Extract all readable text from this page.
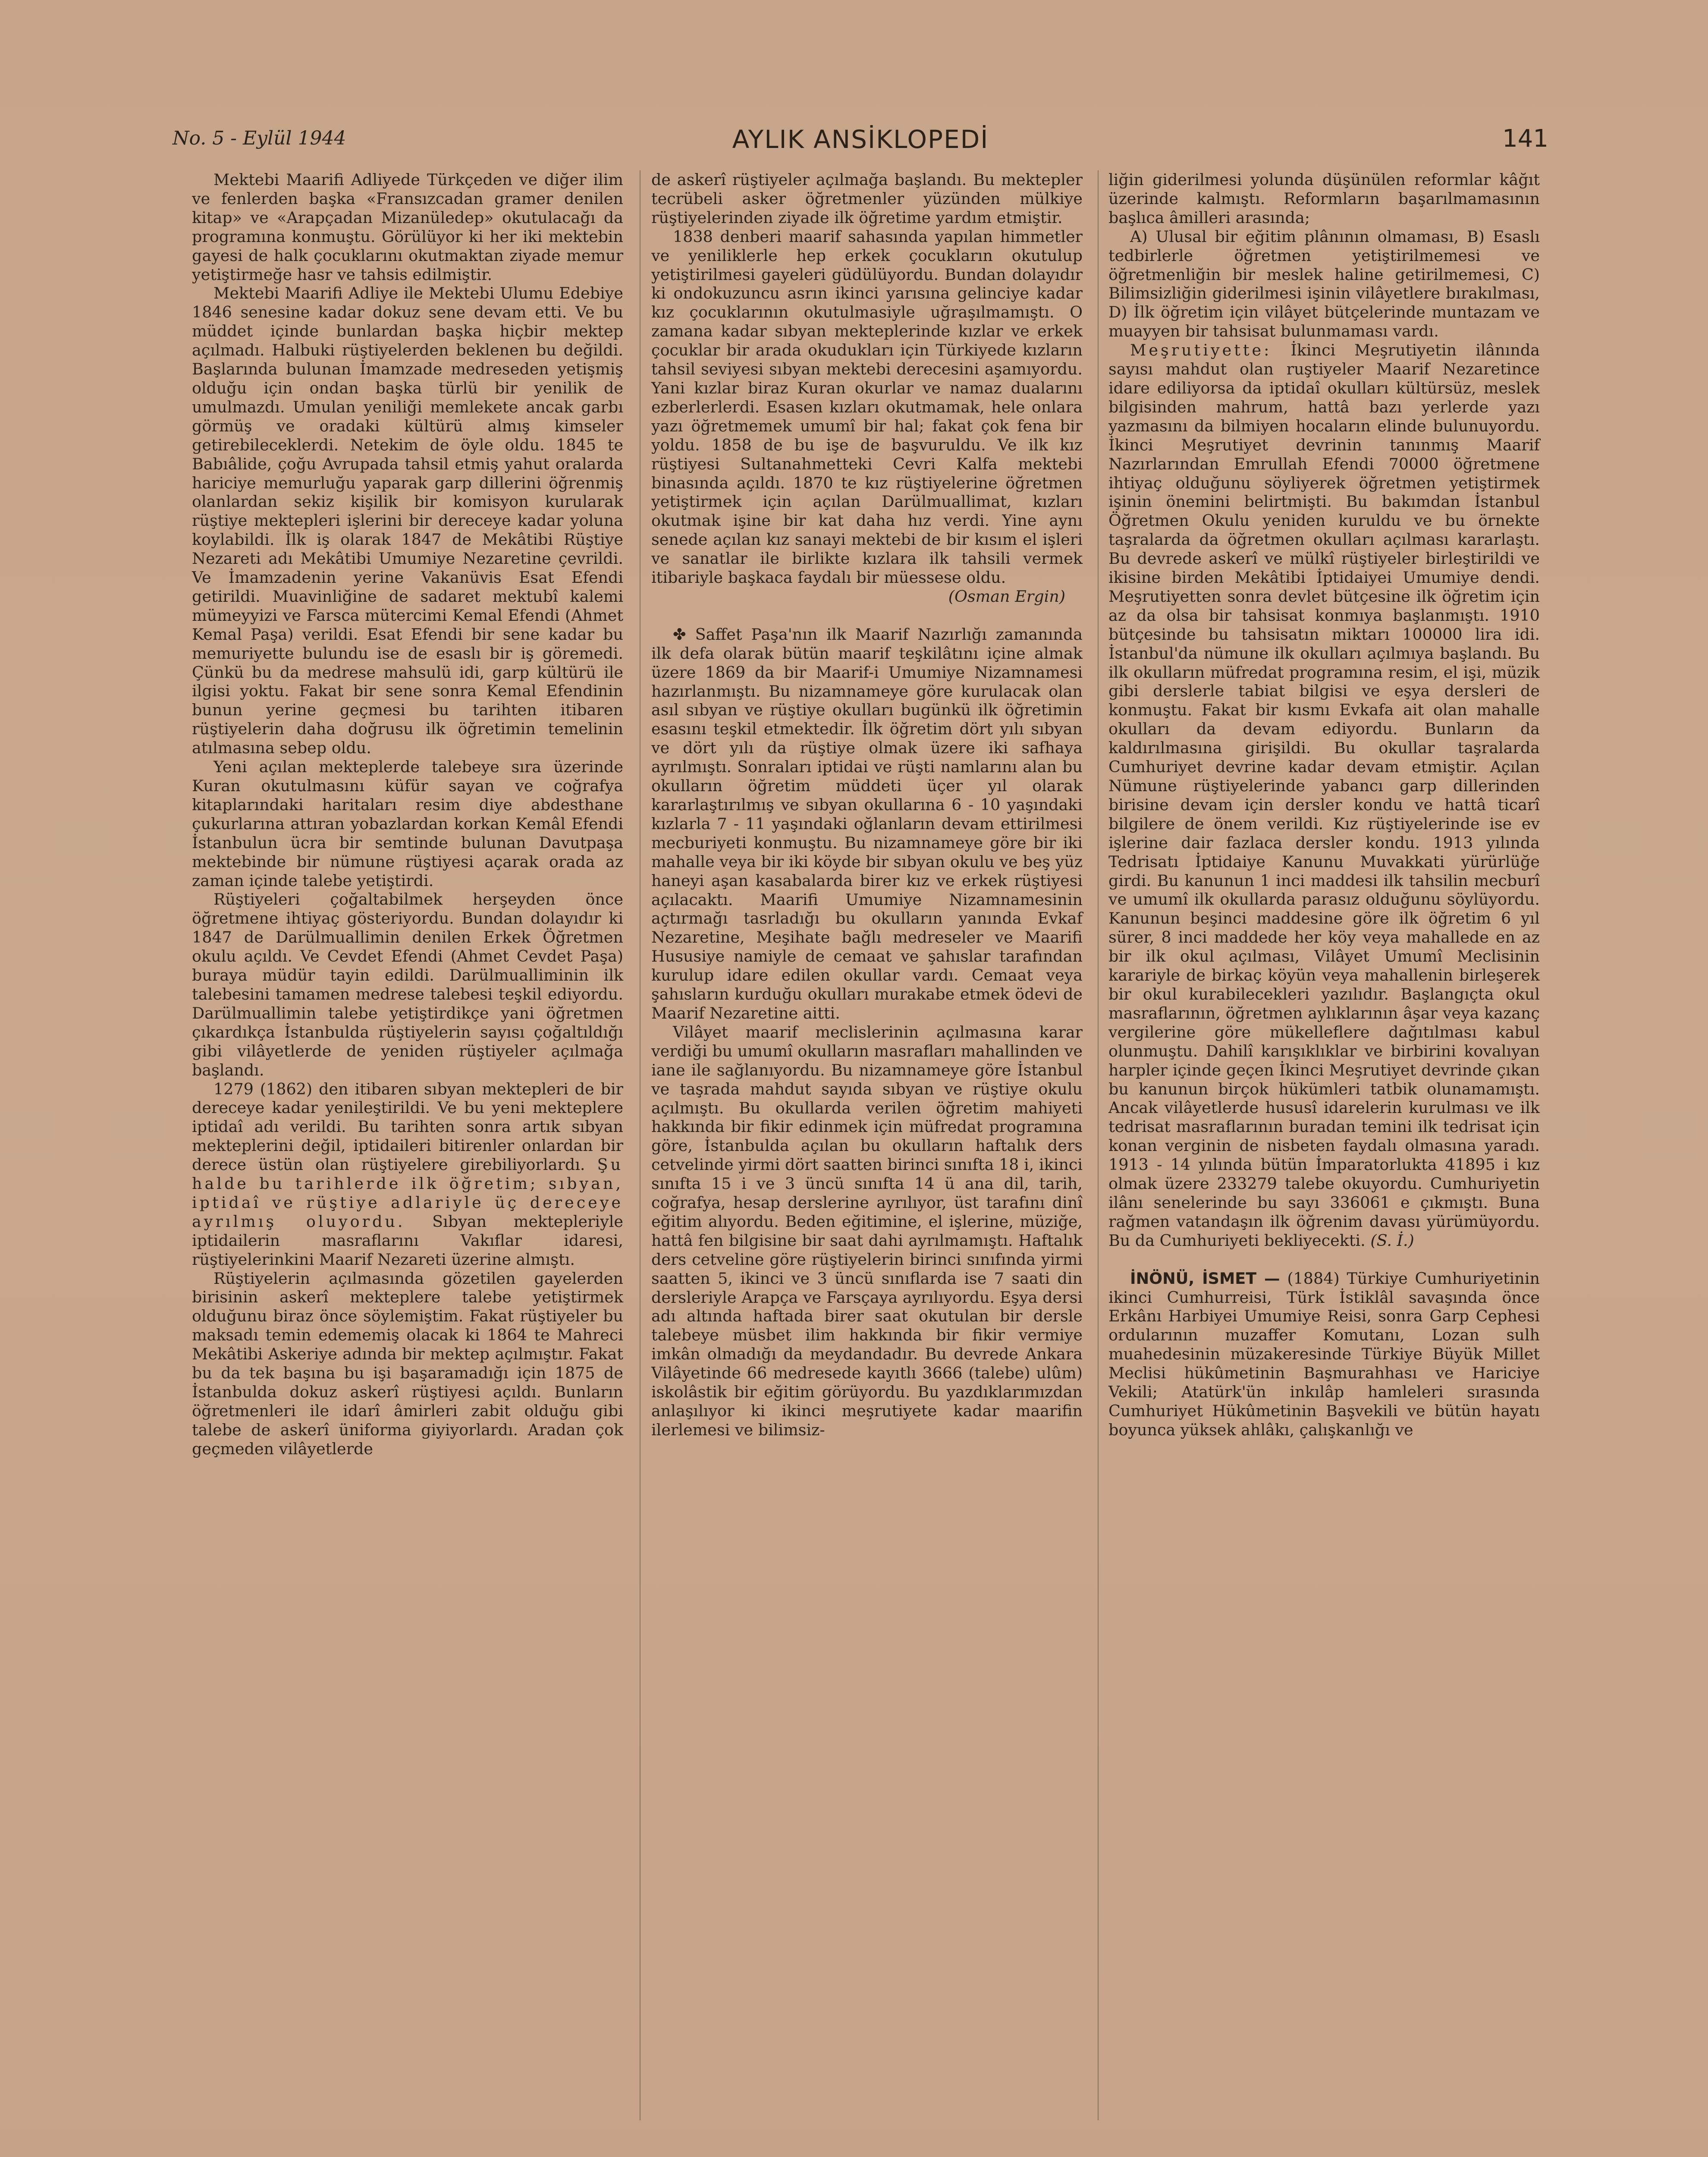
No. 5 - Eylül 1944	AYLIK ANSİKLOPEDİ	141

Mektebi Maarifi Adliyede Türkçeden ve diğer ilim ve fenlerden başka «Fransızcadan gramer denilen kitap» ve «Arapçadan Mizanüledep» okutulacağı da programına konmuştu. Görülüyor ki her iki mektebin gayesi de halk çocuklarını okutmaktan ziyade memur yetiştirmeğe hasr ve tahsis edilmiştir.

Mektebi Maarifi Adliye ile Mektebi Ulumu Edebiye 1846 senesine kadar dokuz sene devam etti. Ve bu müddet içinde bunlardan başka hiçbir mektep açılmadı. Halbuki rüştiyelerden beklenen bu değildi. Başlarında bulunan İmamzade medreseden yetişmiş olduğu için ondan başka türlü bir yenilik de umulmazdı. Umulan yeniliği memlekete ancak garbı görmüş ve oradaki kültürü almış kimseler getirebileceklerdi. Netekim de öyle oldu. 1845 te Babıâlide, çoğu Avrupada tahsil etmiş yahut oralarda hariciye memurluğu yaparak garp dillerini öğrenmiş olanlardan sekiz kişilik bir komisyon kurularak rüştiye mektepleri işlerini bir dereceye kadar yoluna koylabildi. İlk iş olarak 1847 de Mekâtibi Rüştiye Nezareti adı Mekâtibi Umumiye Nezaretine çevrildi. Ve İmamzadenin yerine Vakanüvis Esat Efendi getirildi. Muavinliğine de sadaret mektubî kalemi mümeyyizi ve Farsca mütercimi Kemal Efendi (Ahmet Kemal Paşa) verildi. Esat Efendi bir sene kadar bu memuriyette bulundu ise de esaslı bir iş göremedi. Çünkü bu da medrese mahsulü idi, garp kültürü ile ilgisi yoktu. Fakat bir sene sonra Kemal Efendinin bunun yerine geçmesi bu tarihten itibaren rüştiyelerin daha doğrusu ilk öğretimin temelinin atılmasına sebep oldu.

Yeni açılan mekteplerde talebeye sıra üzerinde Kuran okutulmasını küfür sayan ve coğrafya kitaplarındaki haritaları resim diye abdesthane çukurlarına attıran yobazlardan korkan Kemâl Efendi İstanbulun ücra bir semtinde bulunan Davutpaşa mektebinde bir nümune rüştiyesi açarak orada az zaman içinde talebe yetiştirdi.

Rüştiyeleri çoğaltabilmek herşeyden önce öğretmene ihtiyaç gösteriyordu. Bundan dolayıdır ki 1847 de Darülmuallimin denilen Erkek Öğretmen okulu açıldı. Ve Cevdet Efendi (Ahmet Cevdet Paşa) buraya müdür tayin edildi. Darülmualliminin ilk talebesini tamamen medrese talebesi teşkil ediyordu. Darülmuallimin talebe yetiştirdikçe yani öğretmen çıkardıkça İstanbulda rüştiyelerin sayısı çoğaltıldığı gibi vilâyetlerde de yeniden rüştiyeler açılmağa başlandı.

1279 (1862) den itibaren sıbyan mektepleri de bir dereceye kadar yenileştirildi. Ve bu yeni mekteplere iptidaî adı verildi. Bu tarihten sonra artık sıbyan mekteplerini değil, iptidaileri bitirenler onlardan bir derece üstün olan rüştiyelere girebiliyorlardı. Şu halde bu tarihlerde ilk öğretim; sıbyan, iptidaî ve rüştiye adlariyle üç dereceye ayrılmış oluyordu. Sıbyan mektepleriyle iptidailerin masraflarını Vakıflar idaresi, rüştiyelerinkini Maarif Nezareti üzerine almıştı.

Rüştiyelerin açılmasında gözetilen gayelerden birisinin askerî mekteplere talebe yetiştirmek olduğunu biraz önce söylemiştim. Fakat rüştiyeler bu maksadı temin edememiş olacak ki 1864 te Mahreci Mekâtibi Askeriye adında bir mektep açılmıştır. Fakat bu da tek başına bu işi başaramadığı için 1875 de İstanbulda dokuz askerî rüştiyesi açıldı. Bunların öğretmenleri ile idarî âmirleri zabit olduğu gibi talebe de askerî üniforma giyiyorlardı. Aradan çok geçmeden vilâyetlerde

de askerî rüştiyeler açılmağa başlandı. Bu mektepler tecrübeli asker öğretmenler yüzünden mülkiye rüştiyelerinden ziyade ilk öğretime yardım etmiştir.

1838 denberi maarif sahasında yapılan himmetler ve yeniliklerle hep erkek çocukların okutulup yetiştirilmesi gayeleri güdülüyordu. Bundan dolayıdır ki ondokuzuncu asrın ikinci yarısına gelinciye kadar kız çocuklarının okutulmasiyle uğraşılmamıştı. O zamana kadar sıbyan mekteplerinde kızlar ve erkek çocuklar bir arada okudukları için Türkiyede kızların tahsil seviyesi sıbyan mektebi derecesini aşamıyordu. Yani kızlar biraz Kuran okurlar ve namaz dualarını ezberlerlerdi. Esasen kızları okutmamak, hele onlara yazı öğretmemek umumî bir hal; fakat çok fena bir yoldu. 1858 de bu işe de başvuruldu. Ve ilk kız rüştiyesi Sultanahmetteki Cevri Kalfa mektebi binasında açıldı. 1870 te kız rüştiyelerine öğretmen yetiştirmek için açılan Darülmuallimat, kızları okutmak işine bir kat daha hız verdi. Yine aynı senede açılan kız sanayi mektebi de bir kısım el işleri ve sanatlar ile birlikte kızlara ilk tahsili vermek itibariyle başkaca faydalı bir müessese oldu.

(Osman Ergin)

✤ Saffet Paşa'nın ilk Maarif Nazırlığı zamanında ilk defa olarak bütün maarif teşkilâtını içine almak üzere 1869 da bir Maarif-i Umumiye Nizamnamesi hazırlanmıştı. Bu nizamnameye göre kurulacak olan asıl sıbyan ve rüştiye okulları bugünkü ilk öğretimin esasını teşkil etmektedir. İlk öğretim dört yılı sıbyan ve dört yılı da rüştiye olmak üzere iki safhaya ayrılmıştı. Sonraları iptidai ve rüşti namlarını alan bu okulların öğretim müddeti üçer yıl olarak kararlaştırılmış ve sıbyan okullarına 6 - 10 yaşındaki kızlarla 7 - 11 yaşındaki oğlanların devam ettirilmesi mecburiyeti konmuştu. Bu nizamnameye göre bir iki mahalle veya bir iki köyde bir sıbyan okulu ve beş yüz haneyi aşan kasabalarda birer kız ve erkek rüştiyesi açılacaktı. Maarifi Umumiye Nizamnamesinin açtırmağı tasrladığı bu okulların yanında Evkaf Nezaretine, Meşihate bağlı medreseler ve Maarifi Hususiye namiyle de cemaat ve şahıslar tarafından kurulup idare edilen okullar vardı. Cemaat veya şahısların kurduğu okulları murakabe etmek ödevi de Maarif Nezaretine aitti.

Vilâyet maarif meclislerinin açılmasına karar verdiği bu umumî okulların masrafları mahallinden ve iane ile sağlanıyordu. Bu nizamnameye göre İstanbul ve taşrada mahdut sayıda sıbyan ve rüştiye okulu açılmıştı. Bu okullarda verilen öğretim mahiyeti hakkında bir fikir edinmek için müfredat programına göre, İstanbulda açılan bu okulların haftalık ders cetvelinde yirmi dört saatten birinci sınıfta 18 i, ikinci sınıfta 15 i ve 3 üncü sınıfta 14 ü ana dil, tarih, coğrafya, hesap derslerine ayrılıyor, üst tarafını dinî eğitim alıyordu. Beden eğitimine, el işlerine, müziğe, hattâ fen bilgisine bir saat dahi ayrılmamıştı. Haftalık ders cetveline göre rüştiyelerin birinci sınıfında yirmi saatten 5, ikinci ve 3 üncü sınıflarda ise 7 saati din dersleriyle Arapça ve Farsçaya ayrılıyordu. Eşya dersi adı altında haftada birer saat okutulan bir dersle talebeye müsbet ilim hakkında bir fikir vermiye imkân olmadığı da meydandadır. Bu devrede Ankara Vilâyetinde 66 medresede kayıtlı 3666 (talebe) ulûm) iskolâstik bir eğitim görüyordu. Bu yazdıklarımızdan anlaşılıyor ki ikinci meşrutiyete kadar maarifin ilerlemesi ve bilimsiz-

liğin giderilmesi yolunda düşünülen reformlar kâğıt üzerinde kalmıştı. Reformların başarılmamasının başlıca âmilleri arasında;

A) Ulusal bir eğitim plânının olmaması, B) Esaslı tedbirlerle öğretmen yetiştirilmemesi ve öğretmenliğin bir meslek haline getirilmemesi, C) Bilimsizliğin giderilmesi işinin vilâyetlere bırakılması, D) İlk öğretim için vilâyet bütçelerinde muntazam ve muayyen bir tahsisat bulunmaması vardı.

Meşrutiyette: İkinci Meşrutiyetin ilânında sayısı mahdut olan ruştiyeler Maarif Nezaretince idare ediliyorsa da iptidaî okulları kültürsüz, meslek bilgisinden mahrum, hattâ bazı yerlerde yazı yazmasını da bilmiyen hocaların elinde bulunuyordu. İkinci Meşrutiyet devrinin tanınmış Maarif Nazırlarından Emrullah Efendi 70000 öğretmene ihtiyaç olduğunu söyliyerek öğretmen yetiştirmek işinin önemini belirtmişti. Bu bakımdan İstanbul Öğretmen Okulu yeniden kuruldu ve bu örnekte taşralarda da öğretmen okulları açılması kararlaştı. Bu devrede askerî ve mülkî rüştiyeler birleştirildi ve ikisine birden Mekâtibi İptidaiyei Umumiye dendi. Meşrutiyetten sonra devlet bütçesine ilk öğretim için az da olsa bir tahsisat konmıya başlanmıştı. 1910 bütçesinde bu tahsisatın miktarı 100000 lira idi. İstanbul'da nümune ilk okulları açılmıya başlandı. Bu ilk okulların müfredat programına resim, el işi, müzik gibi derslerle tabiat bilgisi ve eşya dersleri de konmuştu. Fakat bir kısmı Evkafa ait olan mahalle okulları da devam ediyordu. Bunların da kaldırılmasına girişildi. Bu okullar taşralarda Cumhuriyet devrine kadar devam etmiştir. Açılan Nümune rüştiyelerinde yabancı garp dillerinden birisine devam için dersler kondu ve hattâ ticarî bilgilere de önem verildi. Kız rüştiyelerinde ise ev işlerine dair fazlaca dersler kondu. 1913 yılında Tedrisatı İptidaiye Kanunu Muvakkati yürürlüğe girdi. Bu kanunun 1 inci maddesi ilk tahsilin mecburî ve umumî ilk okullarda parasız olduğunu söylüyordu. Kanunun beşinci maddesine göre ilk öğretim 6 yıl sürer, 8 inci maddede her köy veya mahallede en az bir ilk okul açılması, Vilâyet Umumî Meclisinin karariyle de birkaç köyün veya mahallenin birleşerek bir okul kurabilecekleri yazılıdır. Başlangıçta okul masraflarının, öğretmen aylıklarının âşar veya kazanç vergilerine göre mükelleflere dağıtılması kabul olunmuştu. Dahilî karışıklıklar ve birbirini kovalıyan harpler içinde geçen İkinci Meşrutiyet devrinde çıkan bu kanunun birçok hükümleri tatbik olunamamıştı. Ancak vilâyetlerde hususî idarelerin kurulması ve ilk tedrisat masraflarının buradan temini ilk tedrisat için konan verginin de nisbeten faydalı olmasına yaradı. 1913 - 14 yılında bütün İmparatorlukta 41895 i kız olmak üzere 233279 talebe okuyordu. Cumhuriyetin ilânı senelerinde bu sayı 336061 e çıkmıştı. Buna rağmen vatandaşın ilk öğrenim davası yürümüyordu. Bu da Cumhuriyeti bekliyecekti. (S. İ.)

İNÖNÜ, İSMET — (1884) Türkiye Cumhuriyetinin ikinci Cumhurreisi, Türk İstiklâl savaşında önce Erkânı Harbiyei Umumiye Reisi, sonra Garp Cephesi ordularının muzaffer Komutanı, Lozan sulh muahedesinin müzakeresinde Türkiye Büyük Millet Meclisi hükûmetinin Başmurahhası ve Hariciye Vekili; Atatürk'ün inkılâp hamleleri sırasında Cumhuriyet Hükûmetinin Başvekili ve bütün hayatı boyunca yüksek ahlâkı, çalışkanlığı ve
